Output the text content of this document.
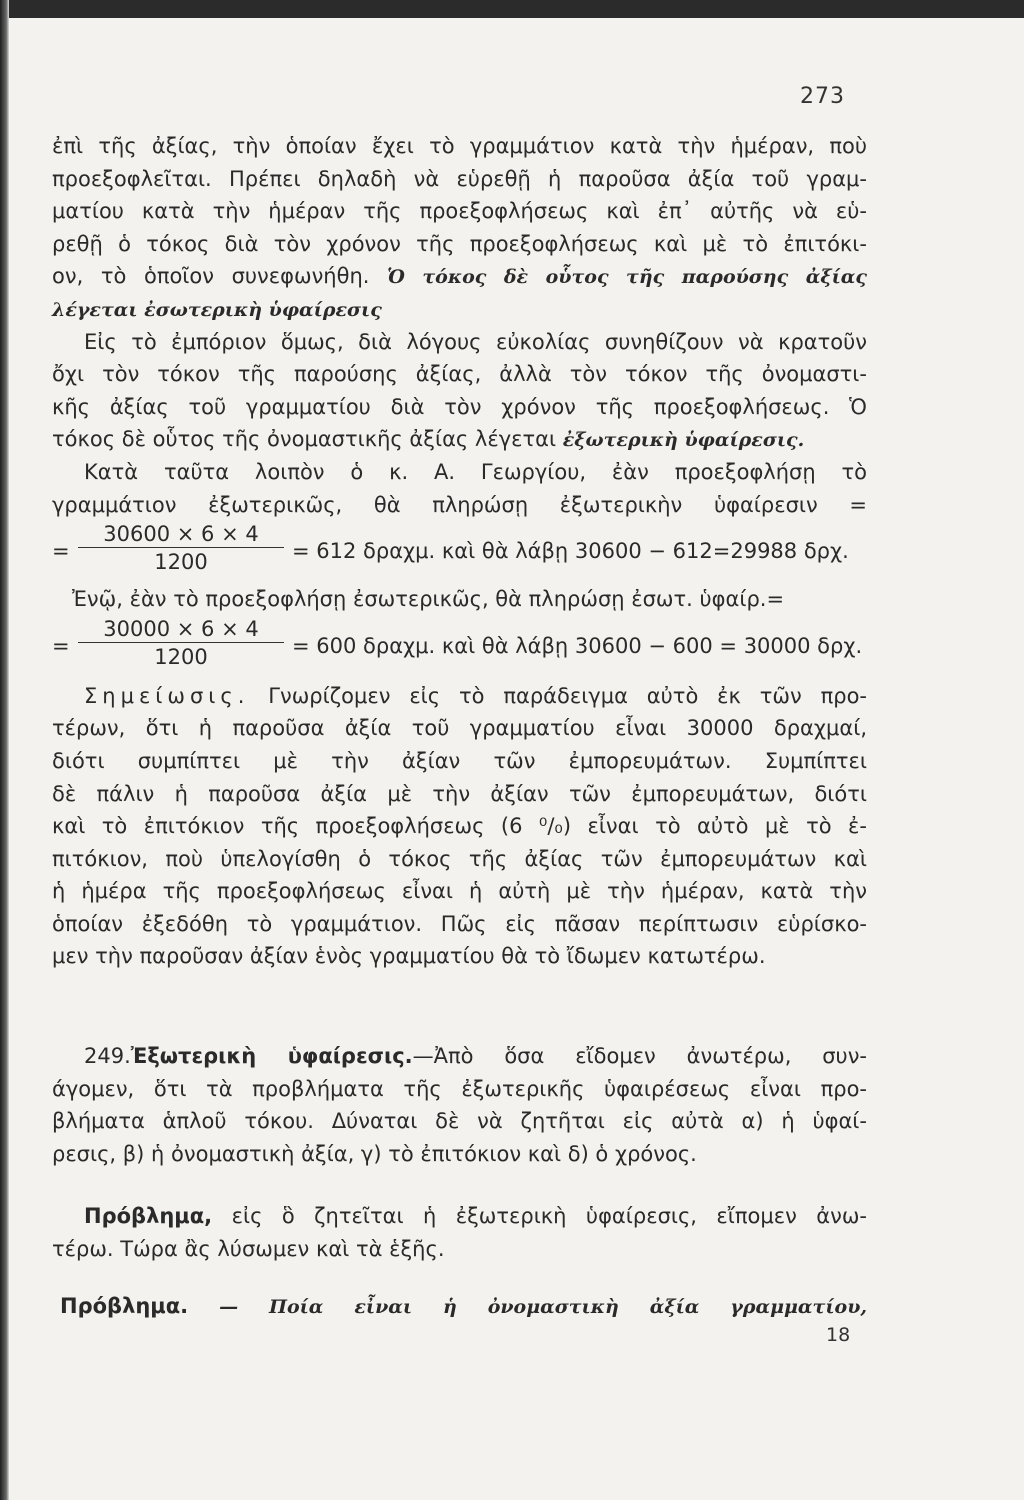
273
ἐπὶ τῆς ἀξίας, τὴν ὁποίαν ἔχει τὸ γραμμάτιον κατὰ τὴν ἡμέραν, ποὺ
προεξοφλεῖται. Πρέπει δηλαδὴ νὰ εὑρεθῇ ἡ παροῦσα ἀξία τοῦ γραμ-
ματίου κατὰ τὴν ἡμέραν τῆς προεξοφλήσεως καὶ ἐπ᾽ αὐτῆς νὰ εὑ-
ρεθῇ ὁ τόκος διὰ τὸν χρόνον τῆς προεξοφλήσεως καὶ μὲ τὸ ἐπιτόκι-
ον, τὸ ὁποῖον συνεφωνήθη. Ὁ τόκος δὲ οὗτος τῆς παρούσης ἀξίας
λέγεται ἐσωτερικὴ ὑφαίρεσις
Εἰς τὸ ἐμπόριον ὅμως, διὰ λόγους εὐκολίας συνηθίζουν νὰ κρατοῦν
ὄχι τὸν τόκον τῆς παρούσης ἀξίας, ἀλλὰ τὸν τόκον τῆς ὀνομαστι-
κῆς ἀξίας τοῦ γραμματίου διὰ τὸν χρόνον τῆς προεξοφλήσεως. Ὁ
τόκος δὲ οὗτος τῆς ὀνομαστικῆς ἀξίας λέγεται ἐξωτερικὴ ὑφαίρεσις.
Κατὰ ταῦτα λοιπὸν ὁ κ. Α. Γεωργίου, ἐὰν προεξοφλήσῃ τὸ
γραμμάτιον ἐξωτερικῶς, θὰ πληρώσῃ ἐξωτερικὴν ὑφαίρεσιν =
=
30600 × 6 × 4
1200	= 612 δραχμ. καὶ θὰ λάβῃ 30600 − 612=29988 δρχ.
Ἐνῷ, ἐὰν τὸ προεξοφλήσῃ ἐσωτερικῶς, θὰ πληρώσῃ ἐσωτ. ὑφαίρ.=
=
30000 × 6 × 4
1200	= 600 δραχμ. καὶ θὰ λάβῃ 30600 − 600 = 30000 δρχ.
Σημείωσις. Γνωρίζομεν εἰς τὸ παράδειγμα αὐτὸ ἐκ τῶν προ-
τέρων, ὅτι ἡ παροῦσα ἀξία τοῦ γραμματίου εἶναι 30000 δραχμαί,
διότι συμπίπτει μὲ τὴν ἀξίαν τῶν ἐμπορευμάτων. Συμπίπτει
δὲ πάλιν ἡ παροῦσα ἀξία μὲ τὴν ἀξίαν τῶν ἐμπορευμάτων, διότι
καὶ τὸ ἐπιτόκιον τῆς προεξοφλήσεως (6 ⁰/₀) εἶναι τὸ αὐτὸ μὲ τὸ ἐ-
πιτόκιον, ποὺ ὑπελογίσθη ὁ τόκος τῆς ἀξίας τῶν ἐμπορευμάτων καὶ
ἡ ἡμέρα τῆς προεξοφλήσεως εἶναι ἡ αὐτὴ μὲ τὴν ἡμέραν, κατὰ τὴν
ὁποίαν ἐξεδόθη τὸ γραμμάτιον. Πῶς εἰς πᾶσαν περίπτωσιν εὑρίσκο-
μεν τὴν παροῦσαν ἀξίαν ἑνὸς γραμματίου θὰ τὸ ἴδωμεν κατωτέρω.
249.Ἐξωτερικὴ ὑφαίρεσις.—Ἀπὸ ὅσα εἴδομεν ἀνωτέρω, συν-
άγομεν, ὅτι τὰ προβλήματα τῆς ἐξωτερικῆς ὑφαιρέσεως εἶναι προ-
βλήματα ἁπλοῦ τόκου. Δύναται δὲ νὰ ζητῆται εἰς αὐτὰ α) ἡ ὑφαί-
ρεσις, β) ἡ ὀνομαστικὴ ἀξία, γ) τὸ ἐπιτόκιον καὶ δ) ὁ χρόνος.
Πρόβλημα, εἰς ὃ ζητεῖται ἡ ἐξωτερικὴ ὑφαίρεσις, εἴπομεν ἀνω-
τέρω. Τώρα ἂς λύσωμεν καὶ τὰ ἑξῆς.
Πρόβλημα. — Ποία εἶναι ἡ ὀνομαστικὴ ἀξία γραμματίου,
18
